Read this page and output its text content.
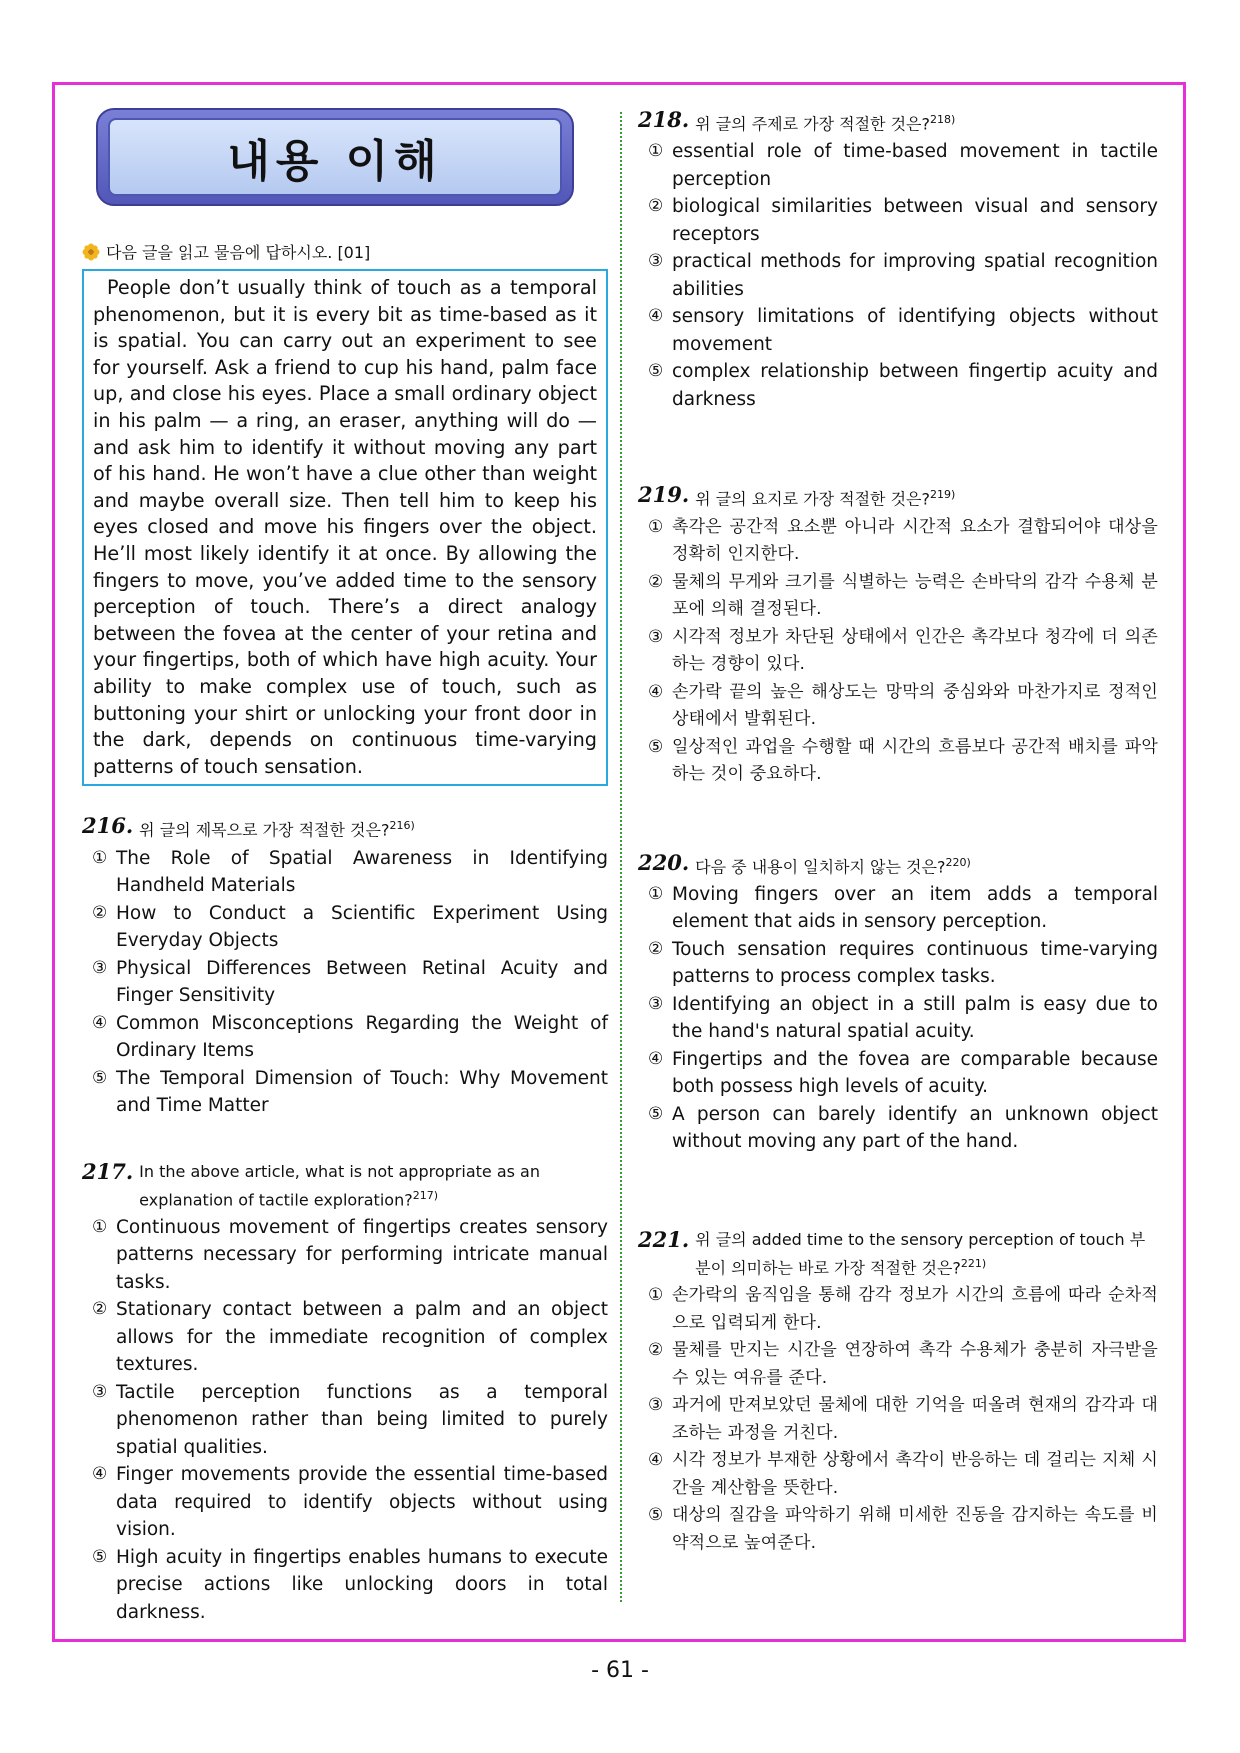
내용 이해
다음 글을 읽고 물음에 답하시오. [01]

People don’t usually think of touch as a temporal phenomenon, but it is every bit as time-based as it is spatial. You can carry out an experiment to see for yourself. Ask a friend to cup his hand, palm face up, and close his eyes. Place a small ordinary object in his palm — a ring, an eraser, anything will do — and ask him to identify it without moving any part of his hand. He won’t have a clue other than weight and maybe overall size. Then tell him to keep his eyes closed and move his fingers over the object. He’ll most likely identify it at once. By allowing the fingers to move, you’ve added time to the sensory perception of touch. There’s a direct analogy between the fovea at the center of your retina and your fingertips, both of which have high acuity. Your ability to make complex use of touch, such as buttoning your shirt or unlocking your front door in the dark, depends on continuous time-varying patterns of touch sensation.

216. 위 글의 제목으로 가장 적절한 것은?$^{216)}$
① The Role of Spatial Awareness in Identifying Handheld Materials
② How to Conduct a Scientific Experiment Using Everyday Objects
③ Physical Differences Between Retinal Acuity and Finger Sensitivity
④ Common Misconceptions Regarding the Weight of Ordinary Items
⑤ The Temporal Dimension of Touch: Why Movement and Time Matter
217. In the above article, what is not appropriate as an explanation of tactile exploration?$^{217)}$
① Continuous movement of fingertips creates sensory patterns necessary for performing intricate manual tasks.
② Stationary contact between a palm and an object allows for the immediate recognition of complex textures.
③ Tactile perception functions as a temporal phenomenon rather than being limited to purely spatial qualities.
④ Finger movements provide the essential time-based data required to identify objects without using vision.
⑤ High acuity in fingertips enables humans to execute precise actions like unlocking doors in total darkness.
218. 위 글의 주제로 가장 적절한 것은?$^{218)}$
① essential role of time-based movement in tactile perception
② biological similarities between visual and sensory receptors
③ practical methods for improving spatial recognition abilities
④ sensory limitations of identifying objects without movement
⑤ complex relationship between fingertip acuity and darkness
219. 위 글의 요지로 가장 적절한 것은?$^{219)}$
① 촉각은 공간적 요소뿐 아니라 시간적 요소가 결합되어야 대상을 정확히 인지한다.
② 물체의 무게와 크기를 식별하는 능력은 손바닥의 감각 수용체 분포에 의해 결정된다.
③ 시각적 정보가 차단된 상태에서 인간은 촉각보다 청각에 더 의존하는 경향이 있다.
④ 손가락 끝의 높은 해상도는 망막의 중심와와 마찬가지로 정적인 상태에서 발휘된다.
⑤ 일상적인 과업을 수행할 때 시간의 흐름보다 공간적 배치를 파악하는 것이 중요하다.
220. 다음 중 내용이 일치하지 않는 것은?$^{220)}$
① Moving fingers over an item adds a temporal element that aids in sensory perception.
② Touch sensation requires continuous time-varying patterns to process complex tasks.
③ Identifying an object in a still palm is easy due to the hand's natural spatial acuity.
④ Fingertips and the fovea are comparable because both possess high levels of acuity.
⑤ A person can barely identify an unknown object without moving any part of the hand.
221. 위 글의 added time to the sensory perception of touch 부분이 의미하는 바로 가장 적절한 것은?$^{221)}$
① 손가락의 움직임을 통해 감각 정보가 시간의 흐름에 따라 순차적으로 입력되게 한다.
② 물체를 만지는 시간을 연장하여 촉각 수용체가 충분히 자극받을 수 있는 여유를 준다.
③ 과거에 만져보았던 물체에 대한 기억을 떠올려 현재의 감각과 대조하는 과정을 거친다.
④ 시각 정보가 부재한 상황에서 촉각이 반응하는 데 걸리는 지체 시간을 계산함을 뜻한다.
⑤ 대상의 질감을 파악하기 위해 미세한 진동을 감지하는 속도를 비약적으로 높여준다.
- 61 -
